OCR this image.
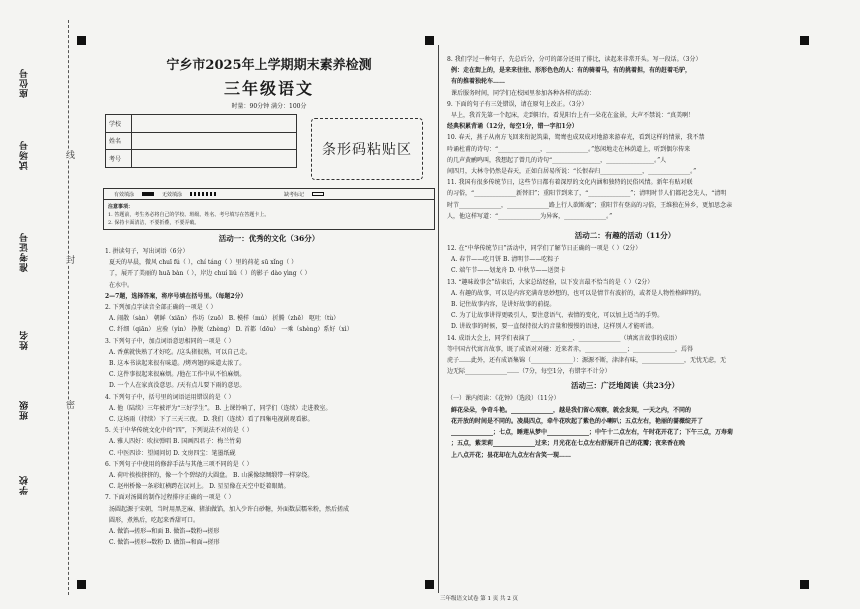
座位号
试场号
准考证号
姓名
班级
学校
线
封
密
宁乡市2025年上学期期末素养检测
三年级语文
时量：90分钟 满分：100分
学校	
姓名	
考号	
条形码粘贴区
有效填涂	无效填涂	缺考标记
注意事项：
1. 答题前，考生务必将自己的学校、班级、姓名、考号填写在答题卡上。
2. 保持卡面清洁，不要折叠，不要弄破。
活动一：优秀的文化（36分）
1. 拼读句子，写出词语（6分）
夏天的早晨，微风 chuī fú（ ），chí táng（ ）里的荷花 sū xǐng（ ）
了，展开了美丽的 huā bàn（ ），岸边 chuí liǔ（ ）的影子 dào yìng（ ）
在水中。
2—7题，选择答案，将序号填在括号里。（每题2分）
2. 下列加点字读音全部正确的一项是（ ）
A. 闹散（sàn） 朝鲜（xiān） 作坊（zuō） B. 模样（mú） 折腾（zhē） 呕吐（tù）
C. 纤细（qiān） 应验（yìn） 挣脱（zhèng） D. 首都（dōu） 一乘（shèng）系好（xì）
3. 下列句子中，加点词语意思相同的一项是（ ）
A. 香蕉就快熟了才好吃。/这头猪很熟，可以自己走。
B. 这本书读起来很有味道。/烤鸡翅的味道太浓了。
C. 这件事很起来很麻烦。/他在工作中从不怕麻烦。
D. 一个人在家真没意思。/天有点儿要下雨的意思。
4. 下列句子中，括号里的词语运用错误的是（ ）
A. 他（陆续）三年被评为“三好学生”。 B. 上课铃响了，同学们（连续）走进教室。
C. 这场雨（持续）下了三天三夜。 D. 我们（连续）看了四集电视剧观看影。
5. 关于中华传统文化中的“四”，下列说法不对的是（ ）
A. 雅人四好：吹拉弹唱 B. 国画四君子：梅兰竹菊
C. 中医四诊：望闻问切 D. 文房四宝：笔墨纸砚
6. 下列句子中使用的修辞手法与其他三项不同的是（ ）
A. 荷叶挨挨挤挤的，像一个个碧绿的大圆盘。 B. 山溪像绿绸缎带一样穿绕。
C. 赵州桥像一条彩虹横跨在汉河上。 D. 星星像在天空中眨着眼睛。
7. 下面对汤圆的制作过程排序正确的一项是（ ）
汤圆起源于宋朝，当时用黑芝麻、猪油做馅，加入少许白砂糖，外面数层糯米粉，然后搓成
圆形，煮熟后，吃起来香甜可口。
A. 做馅→搓形→和面 B. 做馅→数粉→搓形
C. 做馅→搓形→数粉 D. 做馅→和面→搓形
8. 我们学过一种句子，先总后分，分可的部分还用了排比，读起来非常开头。写一段话。（3分）
例：走在街上的，是来来往往、形形色色的人：有的骑着马，有的挑着担，有的赶着毛驴，
有的推着独轮车……
课后服务时间，同学们在校园里参加各种各样的活动：
9. 下面的句子有三处错误，请在原句上改正。（3分）
早上，我首先第一个起床，走到阳台，看见阳台上有一朵花在盆景，大声不禁说：“真美啊！
经典积累背诵（12分，每空1分，错一字扣1分）
10. 春天，燕子从南方飞回来衔泥筑巢，鸳鸯也成双成对地游来游春光，看到这样的情景，我不禁
吟诵杜甫的诗句：“______________，______________。”悠闲地走在林荫道上，听到偶尔传来
的几声黄鹂鸣叫，我想起了曾几的诗句“________________，________________。”人
间四月，大林寺仍然是春天，正如白居易所说：“长恨春归______________，______________。”
11. 我国有很多传统节日，这些节日都有着深厚的文化内涵和独特的民俗风情。新年有贴对联
的习俗，“______________新替旧”；重阳节到来了，“______________”；清明时节人们都祀念先人，“清明
时节______________，______________路上行人欲断魂”；重阳节有登高的习俗，王维独在异乡，更加思念亲
人，他这样写道：“______________为异客，______________。”
活动二：有趣的活动（11分）
12. 在“中华传统节日”活动中，同学们了解节日正确的一项是（ ）（2分）
A. 春节——吃月饼 B. 清明节——吃粽子
C. 端午节——划龙舟 D. 中秋节——送贺卡
13. “趣味故事会”结束后，大家总结经验，以下发言最不恰当的是（ ）（2分）
A. 有趣的故事，可以是内容充满奇思妙想的，也可以是情节有波折的，或者是人物性格鲜明的。
B. 记住故事内容，是讲好故事的前提。
C. 为了让故事讲得更吸引人，要注意语气、表情的变化，可以加上适当的手势。
D. 讲故事的时候，要一直保持很大的音量和慢慢的语速，这样别人才能听清。
14. 成语大会上，同学们表演了______________、______________（填寓言故事的成语）
等中国古代寓言故事，既了成语对对碰：近来者赤，______________；______________，焉得
虎子……此外，还有成语集锦（______________）：源源不断，津津有味，______________，无忧无虑，无
边无际______________……（7分，每空1分，有错字不计分）
活动三：广泛地阅读（共23分）
（一）课内阅读：《花钟》（选段）（11分）
鲜花朵朵，争奇斗艳。______________，越是我们留心观察，就会发现，一天之内，不同的
花开放的时间是不同的。凌晨四点，牵牛花吹起了紫色的小喇叭；五点左右，艳丽的蔷薇绽开了
______________；七点，睡莲从梦中______________；中午十二点左右，午时花开花了；下午三点，万寿菊
；五点，紫茉莉______________过来；月光花在七点左右舒展开自己的花瓣；夜来香在晚
上八点开花；昙花却在九点左右含笑一现……
三年级语文试卷 第 1 页 共 2 页
